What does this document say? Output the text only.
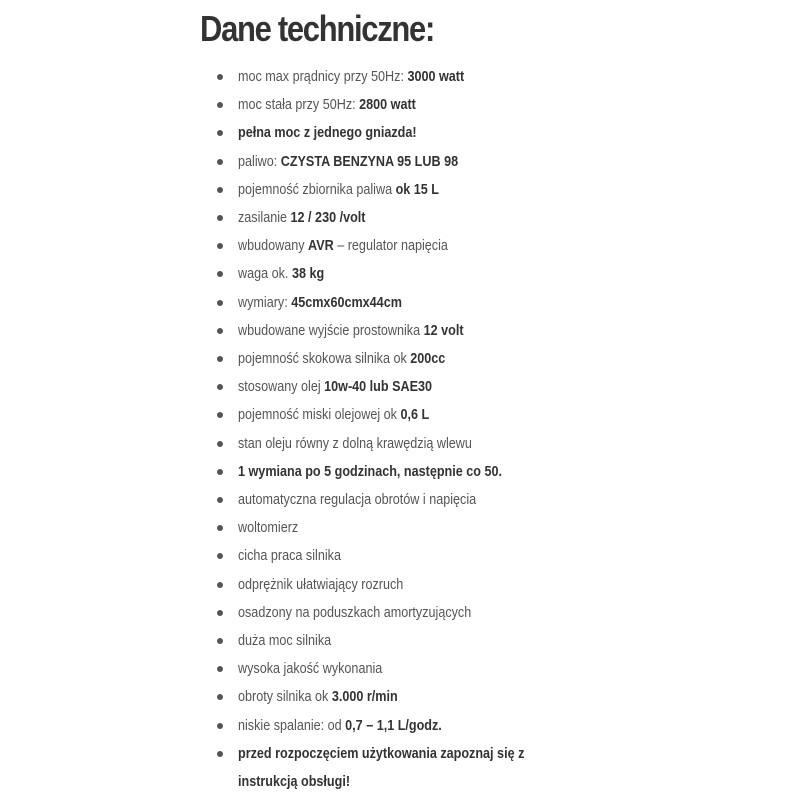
Dane techniczne:
moc max prądnicy przy 50Hz: 3000 watt
moc stała przy 50Hz: 2800 watt
pełna moc z jednego gniazda!
paliwo: CZYSTA BENZYNA 95 LUB 98
pojemność zbiornika paliwa ok 15 L
zasilanie 12 / 230 /volt
wbudowany AVR – regulator napięcia
waga ok. 38 kg
wymiary: 45cmx60cmx44cm
wbudowane wyjście prostownika 12 volt
pojemność skokowa silnika ok 200cc
stosowany olej 10w-40 lub SAE30
pojemność miski olejowej ok 0,6 L
stan oleju równy z dolną krawędzią wlewu
1 wymiana po 5 godzinach, następnie co 50.
automatyczna regulacja obrotów i napięcia
woltomierz
cicha praca silnika
odprężnik ułatwiający rozruch
osadzony na poduszkach amortyzujących
duża moc silnika
wysoka jakość wykonania
obroty silnika ok 3.000 r/min
niskie spalanie: od 0,7 – 1,1 L/godz.
przed rozpoczęciem użytkowania zapoznaj się z instrukcją obsługi!
